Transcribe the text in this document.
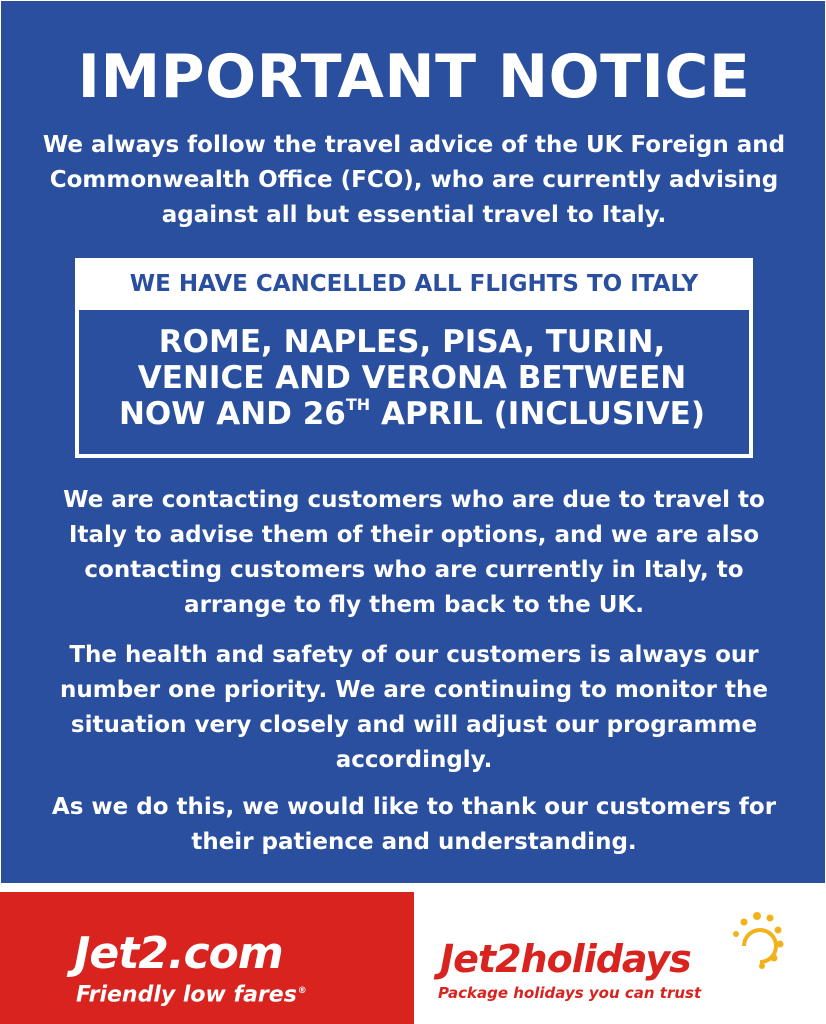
IMPORTANT NOTICE
We always follow the travel advice of the UK Foreign and Commonwealth Office (FCO), who are currently advising against all but essential travel to Italy.
WE HAVE CANCELLED ALL FLIGHTS TO ITALY
ROME, NAPLES, PISA, TURIN,
VENICE AND VERONA BETWEEN
NOW AND 26TH APRIL (INCLUSIVE)
We are contacting customers who are due to travel to Italy to advise them of their options, and we are also contacting customers who are currently in Italy, to arrange to fly them back to the UK.
The health and safety of our customers is always our number one priority. We are continuing to monitor the situation very closely and will adjust our programme accordingly.
As we do this, we would like to thank our customers for their patience and understanding.
Jet2.com
Friendly low fares®
Jet2holidays
Package holidays you can trust
